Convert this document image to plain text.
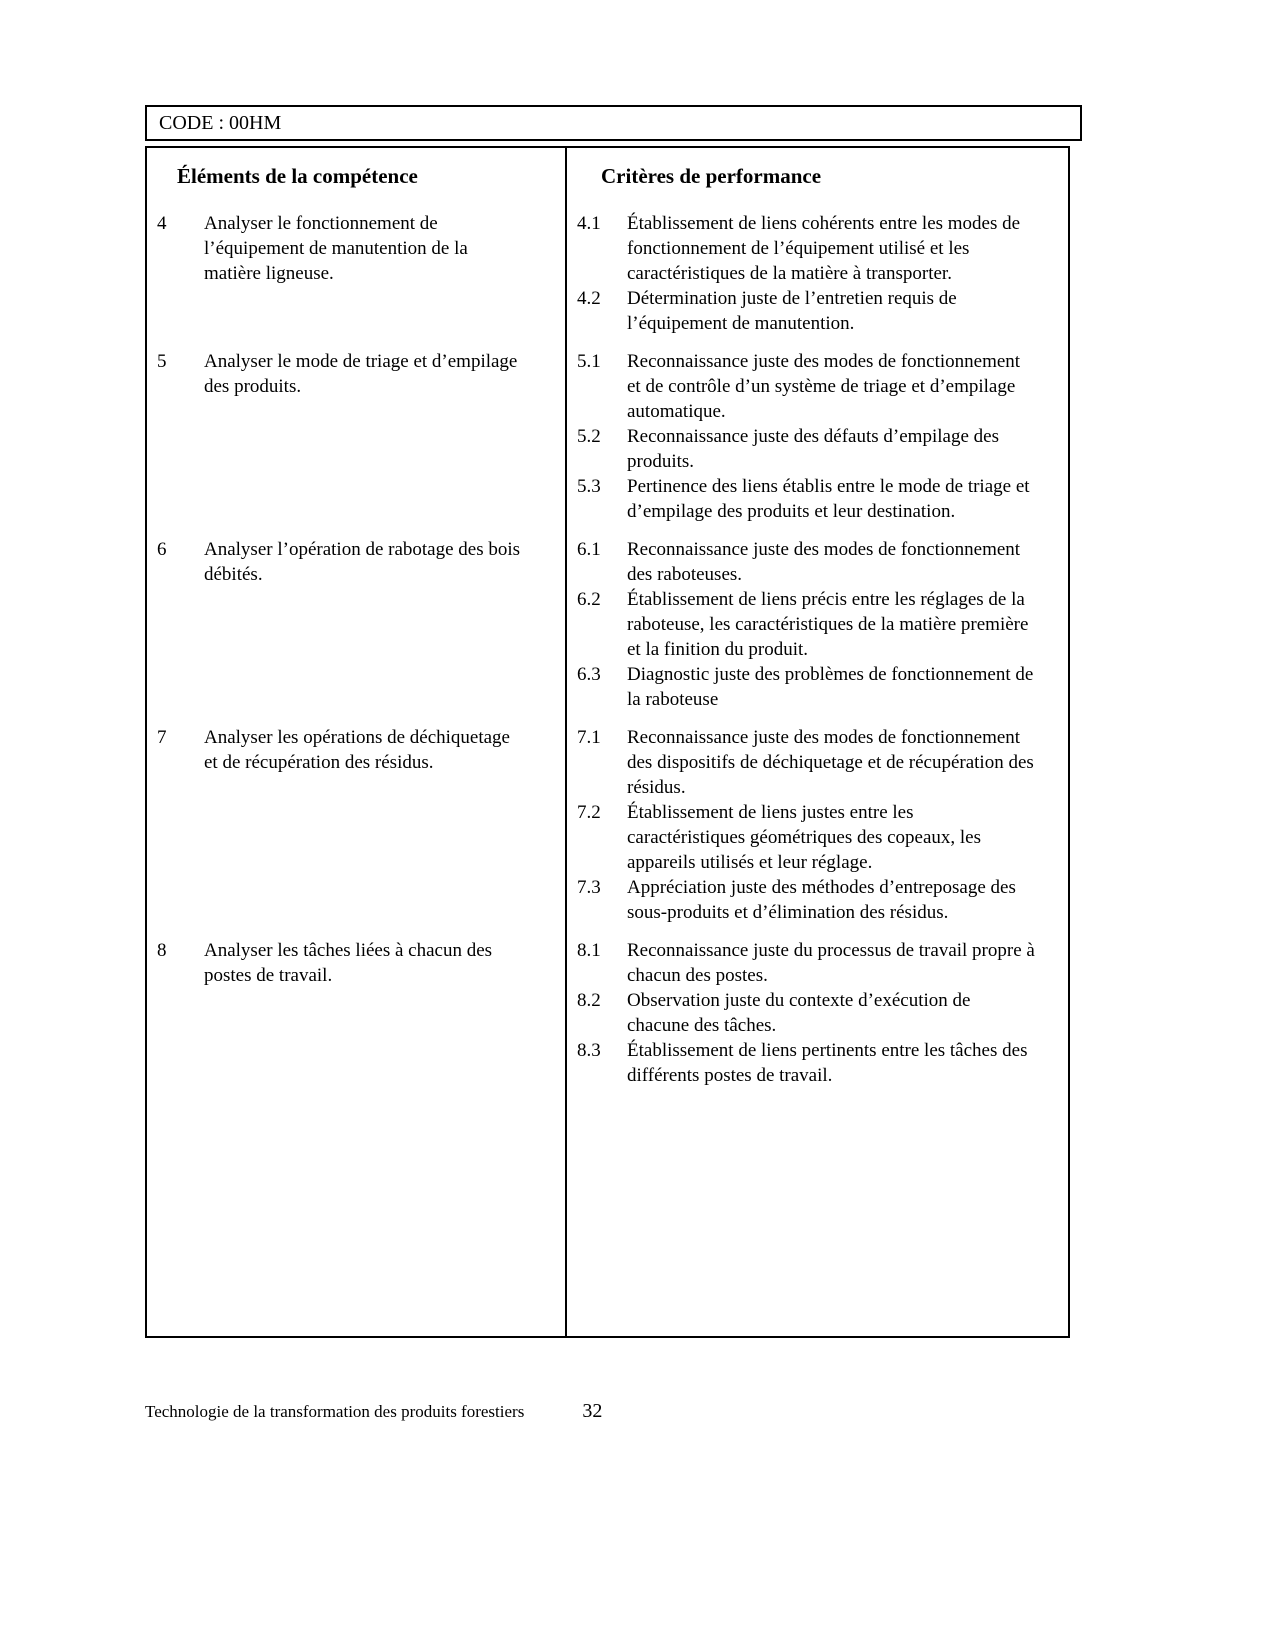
CODE : 00HM
Éléments de la compétence	Critères de performance
4	Analyser le fonctionnement de l’équipement de manutention de la matière ligneuse.
4.1	Établissement de liens cohérents entre les modes de fonctionnement de l’équipement utilisé et les caractéristiques de la matière à transporter.
4.2	Détermination juste de l’entretien requis de l’équipement de manutention.
5	Analyser le mode de triage et d’empilage des produits.
5.1	Reconnaissance juste des modes de fonctionnement et de contrôle d’un système de triage et d’empilage automatique.
5.2	Reconnaissance juste des défauts d’empilage des produits.
5.3	Pertinence des liens établis entre le mode de triage et d’empilage des produits et leur destination.
6	Analyser l’opération de rabotage des bois débités.
6.1	Reconnaissance juste des modes de fonctionnement des raboteuses.
6.2	Établissement de liens précis entre les réglages de la raboteuse, les caractéristiques de la matière première et la finition du produit.
6.3	Diagnostic juste des problèmes de fonctionnement de la raboteuse
7	Analyser les opérations de déchiquetage et de récupération des résidus.
7.1	Reconnaissance juste des modes de fonctionnement des dispositifs de déchiquetage et de récupération des résidus.
7.2	Établissement de liens justes entre les caractéristiques géométriques des copeaux, les appareils utilisés et leur réglage.
7.3	Appréciation juste des méthodes d’entreposage des sous-produits et d’élimination des résidus.
8	Analyser les tâches liées à chacun des postes de travail.
8.1	Reconnaissance juste du processus de travail propre à chacun des postes.
8.2	Observation juste du contexte d’exécution de chacune des tâches.
8.3	Établissement de liens pertinents entre les tâches des différents postes de travail.
Technologie de la transformation des produits forestiers	32
